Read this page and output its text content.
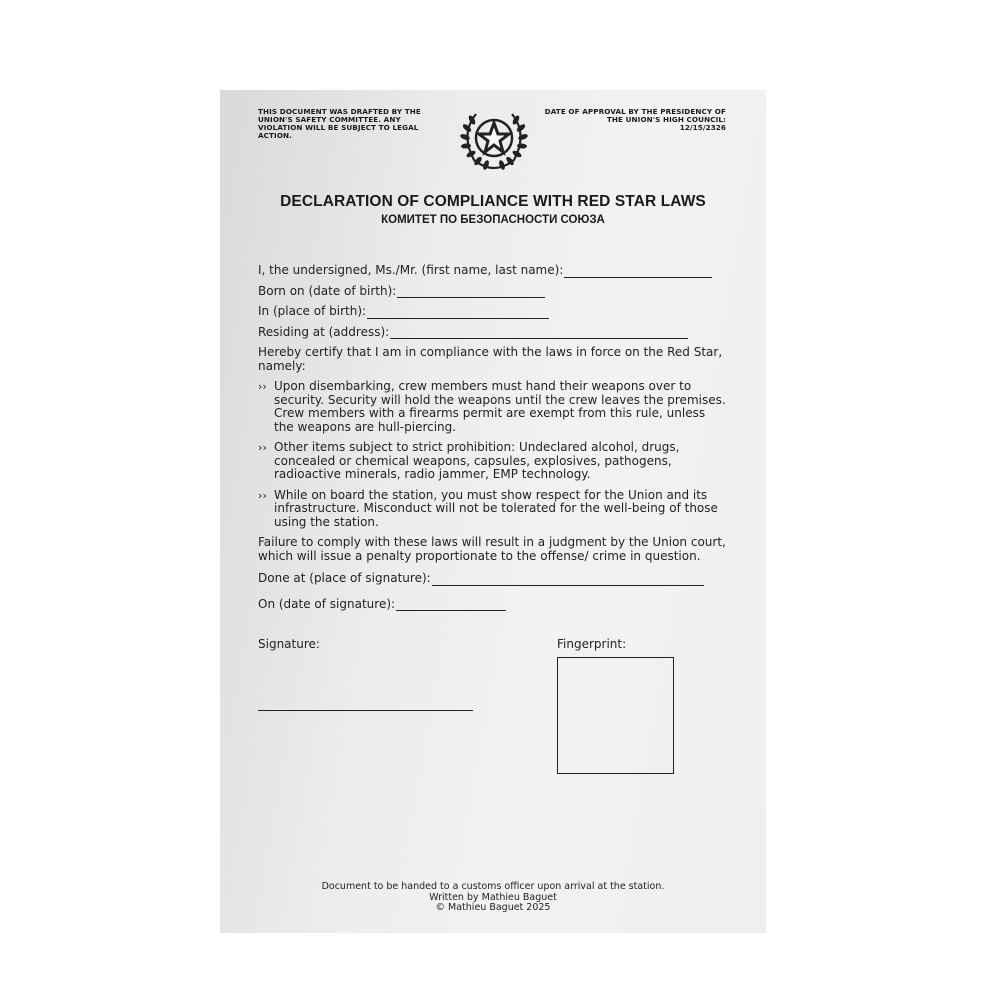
THIS DOCUMENT WAS DRAFTED BY THE UNION'S SAFETY COMMITTEE. ANY VIOLATION WILL BE SUBJECT TO LEGAL ACTION.
DATE OF APPROVAL BY THE PRESIDENCY OF THE UNION'S HIGH COUNCIL:
12/15/2326
DECLARATION OF COMPLIANCE WITH RED STAR LAWS
КОМИТЕТ ПО БЕЗОПАСНОСТИ СОЮЗА
I, the undersigned, Ms./Mr. (first name, last name):
Born on (date of birth):
In (place of birth):
Residing at (address):
Hereby certify that I am in compliance with the laws in force on the Red Star, namely:
›› Upon disembarking, crew members must hand their weapons over to security. Security will hold the weapons until the crew leaves the premises. Crew members with a firearms permit are exempt from this rule, unless the weapons are hull-piercing.
›› Other items subject to strict prohibition: Undeclared alcohol, drugs, concealed or chemical weapons, capsules, explosives, pathogens, radioactive minerals, radio jammer, EMP technology.
›› While on board the station, you must show respect for the Union and its infrastructure. Misconduct will not be tolerated for the well-being of those using the station.
Failure to comply with these laws will result in a judgment by the Union court, which will issue a penalty proportionate to the offense/ crime in question.
Done at (place of signature):
On (date of signature):
Signature:	Fingerprint:
Document to be handed to a customs officer upon arrival at the station.
Written by Mathieu Baguet
© Mathieu Baguet 2025
